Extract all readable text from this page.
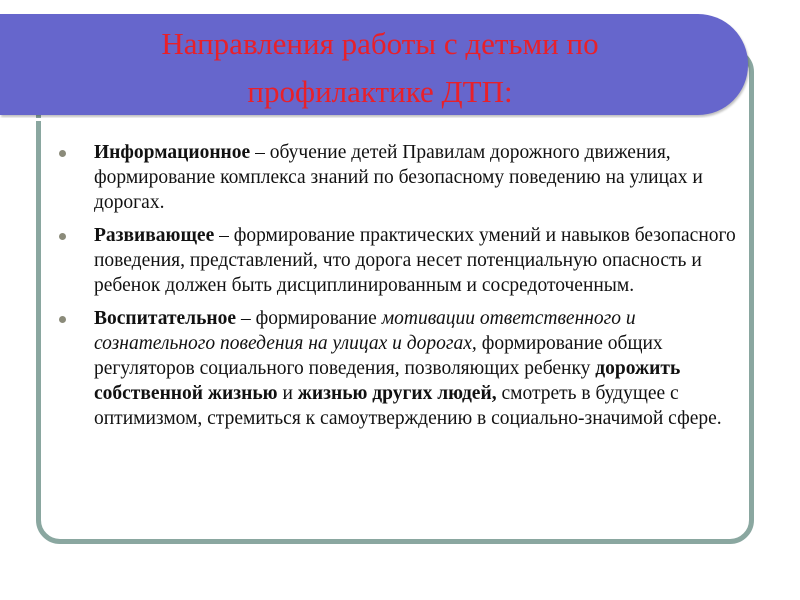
Направления работы с детьми по
профилактике ДТП:
Информационное – обучение детей Правилам дорожного движения, формирование комплекса знаний по безопасному поведению на улицах и дорогах.
Развивающее – формирование практических умений и навыков безопасного поведения, представлений, что дорога несет потенциальную опасность и ребенок должен быть дисциплинированным и сосредоточенным.
Воспитательное – формирование мотивации ответственного и сознательного поведения на улицах и дорогах, формирование общих регуляторов социального поведения, позволяющих ребенку дорожить собственной жизнью и жизнью других людей, смотреть в будущее с оптимизмом, стремиться к самоутверждению в социально-значимой сфере.
